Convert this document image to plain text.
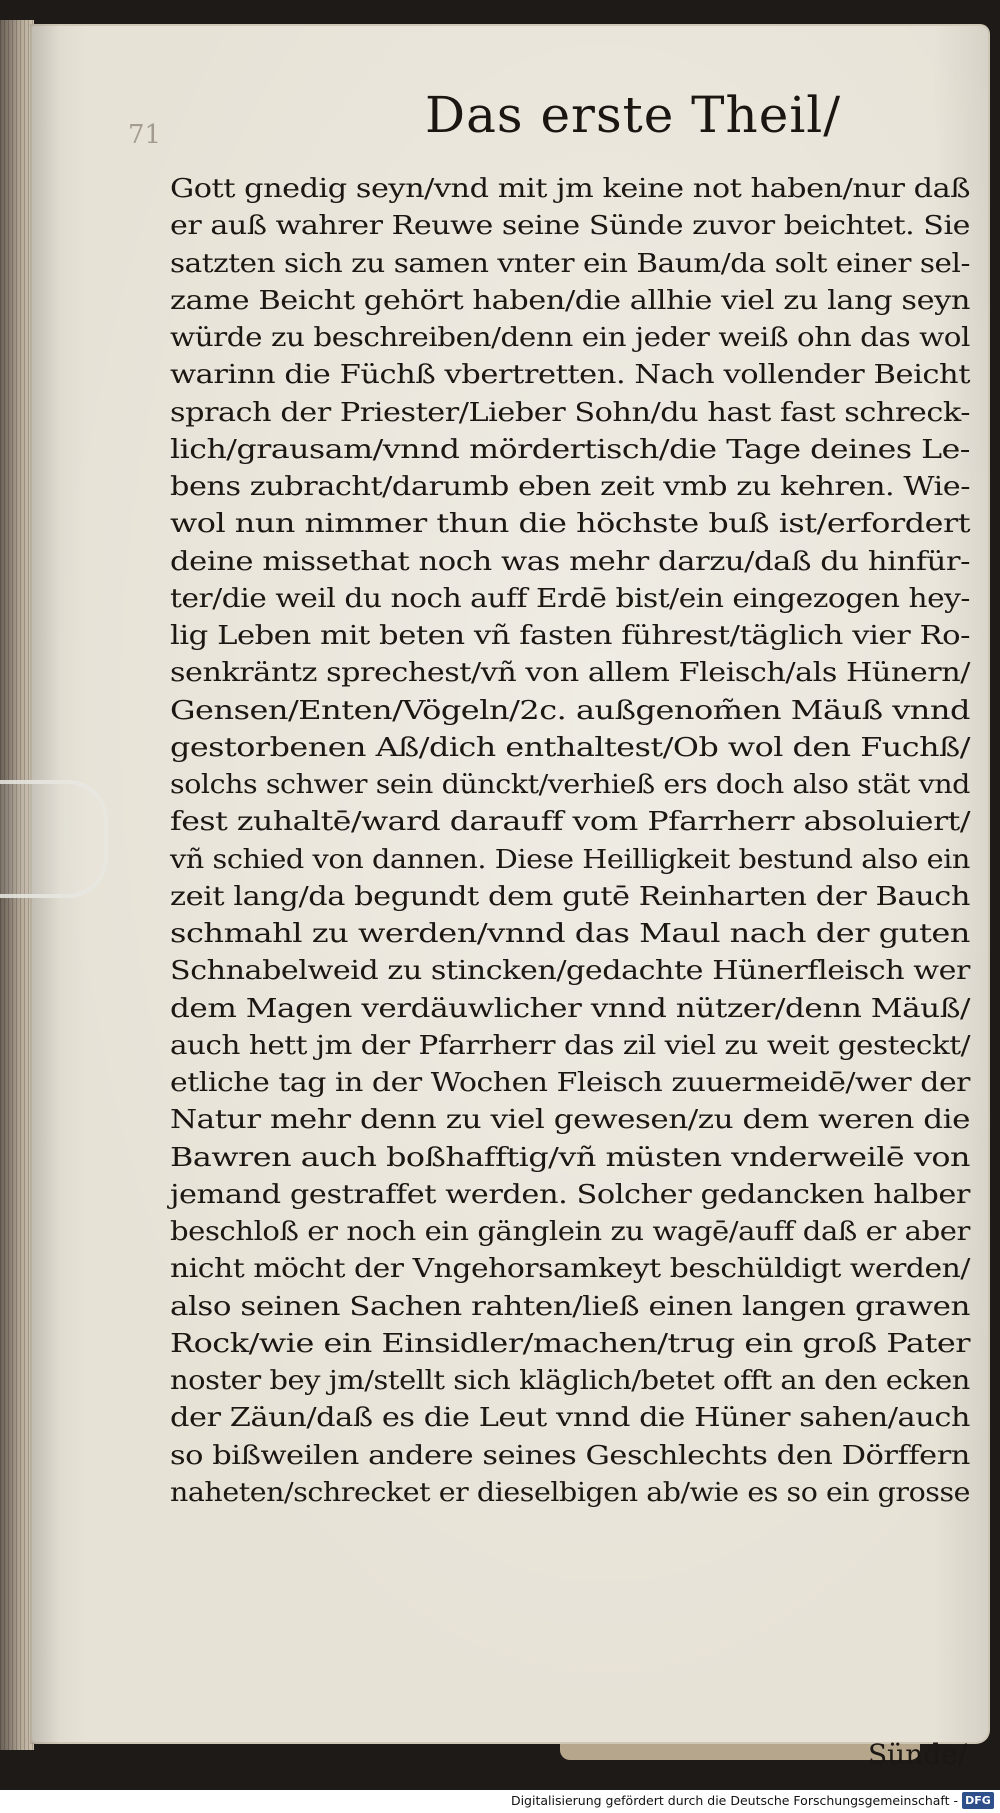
71	Das erste Theil/
Gott gnedig seyn/vnd mit jm keine not haben/nur daß
er auß wahrer Reuwe seine Sünde zuvor beichtet. Sie
satzten sich zu samen vnter ein Baum/da solt einer sel-
zame Beicht gehört haben/die allhie viel zu lang seyn
würde zu beschreiben/denn ein jeder weiß ohn das wol
warinn die Füchß vbertretten. Nach vollender Beicht
sprach der Priester/Lieber Sohn/du hast fast schreck-
lich/grausam/vnnd mördertisch/die Tage deines Le-
bens zubracht/darumb eben zeit vmb zu kehren. Wie-
wol nun nimmer thun die höchste buß ist/erfordert
deine missethat noch was mehr darzu/daß du hinfür-
ter/die weil du noch auff Erdē bist/ein eingezogen hey-
lig Leben mit beten vñ fasten führest/täglich vier Ro-
senkräntz sprechest/vñ von allem Fleisch/als Hünern/
Gensen/Enten/Vögeln/2c. außgenom̃en Mäuß vnnd
gestorbenen Aß/dich enthaltest/Ob wol den Fuchß/
solchs schwer sein dünckt/verhieß ers doch also stät vnd
fest zuhaltē/ward darauff vom Pfarrherr absoluiert/
vñ schied von dannen. Diese Heilligkeit bestund also ein
zeit lang/da begundt dem gutē Reinharten der Bauch
schmahl zu werden/vnnd das Maul nach der guten
Schnabelweid zu stincken/gedachte Hünerfleisch wer
dem Magen verdäuwlicher vnnd nützer/denn Mäuß/
auch hett jm der Pfarrherr das zil viel zu weit gesteckt/
etliche tag in der Wochen Fleisch zuuermeidē/wer der
Natur mehr denn zu viel gewesen/zu dem weren die
Bawren auch boßhafftig/vñ müsten vnderweilē von
jemand gestraffet werden. Solcher gedancken halber
beschloß er noch ein gänglein zu wagē/auff daß er aber
nicht möcht der Vngehorsamkeyt beschüldigt werden/
also seinen Sachen rahten/ließ einen langen grawen
Rock/wie ein Einsidler/machen/trug ein groß Pater
noster bey jm/stellt sich kläglich/betet offt an den ecken
der Zäun/daß es die Leut vnnd die Hüner sahen/auch
so bißweilen andere seines Geschlechts den Dörffern
naheten/schrecket er dieselbigen ab/wie es so ein grosse
Sünde/
Digitalisierung gefördert durch die Deutsche Forschungsgemeinschaft - DFG
